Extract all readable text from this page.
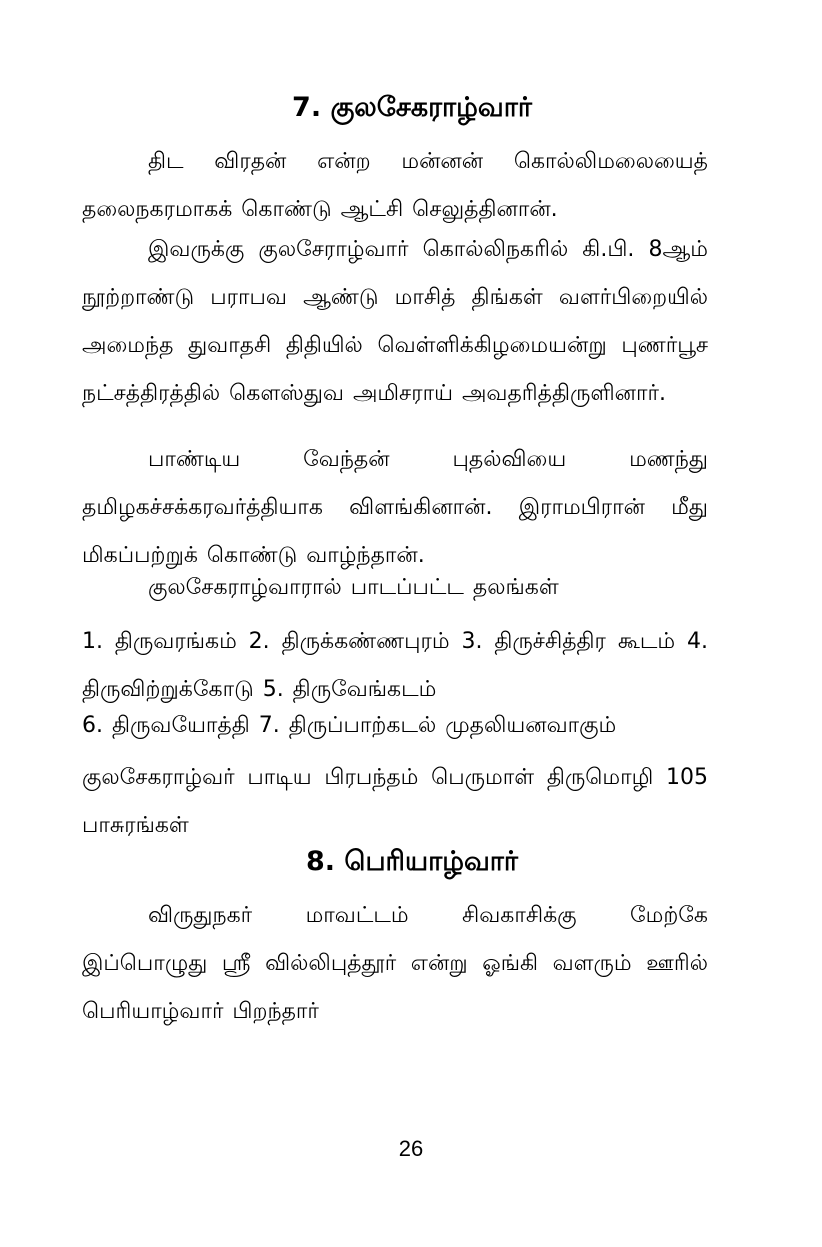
7. குலசேகராழ்வார்
திட விரதன் என்ற மன்னன் கொல்லிமலையைத் தலைநகரமாகக் கொண்டு ஆட்சி செலுத்தினான்.
இவருக்கு குலசேராழ்வார் கொல்லிநகரில் கி.பி. 8ஆம் நூற்றாண்டு பராபவ ஆண்டு மாசித் திங்கள் வளர்பிறையில் அமைந்த துவாதசி திதியில் வெள்ளிக்கிழமையன்று புணர்பூச நட்சத்திரத்தில் கௌஸ்துவ அமிசராய் அவதரித்திருளினார்.
பாண்டிய வேந்தன் புதல்வியை மணந்து தமிழகச்சக்கரவர்த்தியாக விளங்கினான். இராமபிரான் மீது மிகப்பற்றுக் கொண்டு வாழ்ந்தான்.
குலசேகராழ்வாரால் பாடப்பட்ட தலங்கள்
1. திருவரங்கம் 2. திருக்கண்ணபுரம் 3. திருச்சித்திர கூடம் 4. திருவிற்றுக்கோடு 5. திருவேங்கடம்
6. திருவயோத்தி 7. திருப்பாற்கடல் முதலியனவாகும்
குலசேகராழ்வர் பாடிய பிரபந்தம் பெருமாள் திருமொழி 105 பாசுரங்கள்
8. பெரியாழ்வார்
விருதுநகர் மாவட்டம் சிவகாசிக்கு மேற்கே இப்பொழுது ஸ்ரீ வில்லிபுத்தூர் என்று ஓங்கி வளரும் ஊரில் பெரியாழ்வார் பிறந்தார்
26
